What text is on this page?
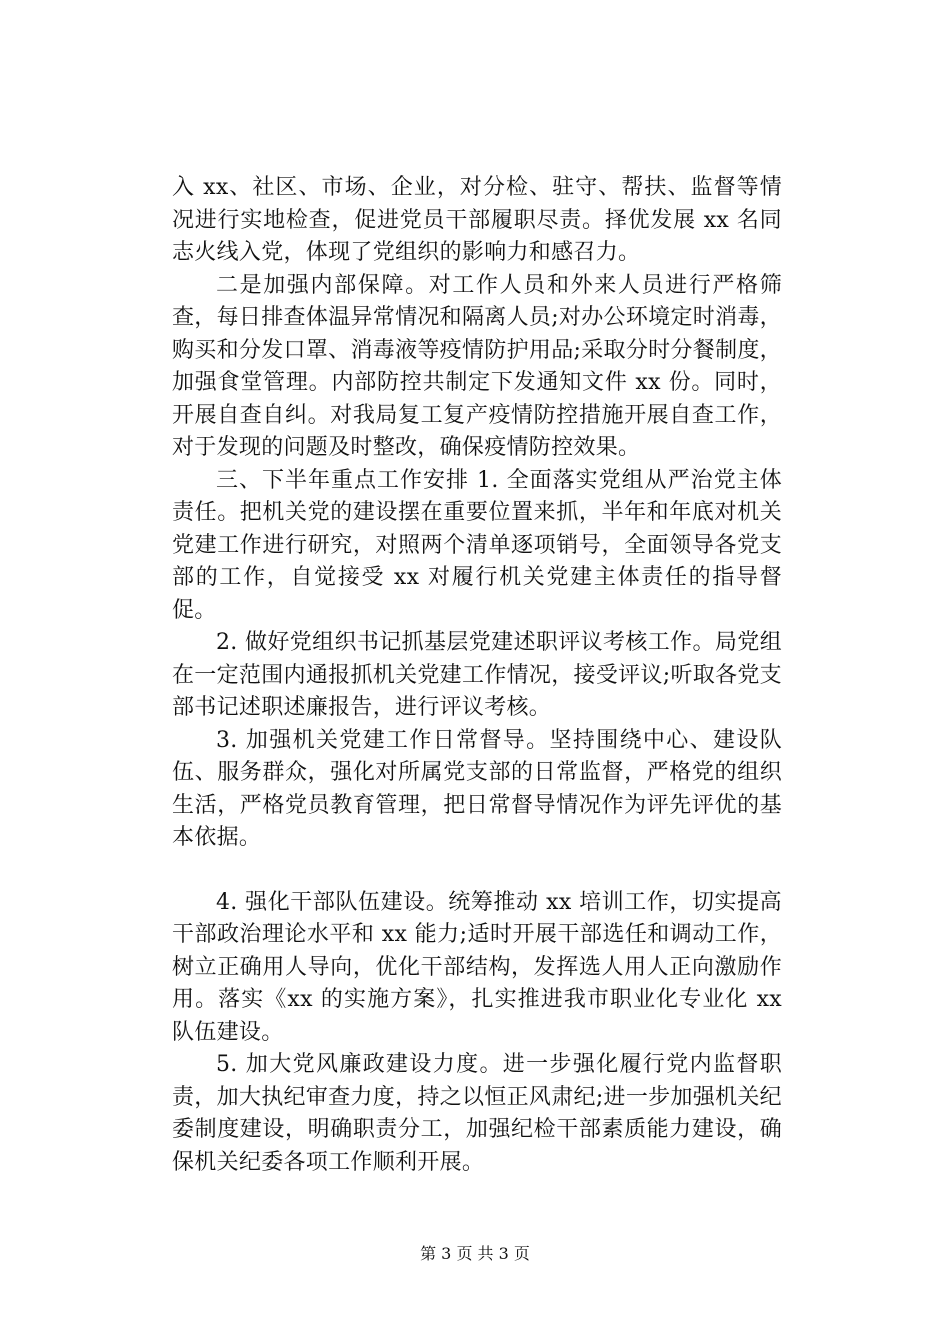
入 xx、社区、市场、企业，对分检、驻守、帮扶、监督等情况进行实地检查，促进党员干部履职尽责。择优发展 xx 名同志火线入党，体现了党组织的影响力和感召力。

二是加强内部保障。对工作人员和外来人员进行严格筛查，每日排查体温异常情况和隔离人员;对办公环境定时消毒，购买和分发口罩、消毒液等疫情防护用品;采取分时分餐制度，加强食堂管理。内部防控共制定下发通知文件 xx 份。同时，开展自查自纠。对我局复工复产疫情防控措施开展自查工作，对于发现的问题及时整改，确保疫情防控效果。

三、下半年重点工作安排 1. 全面落实党组从严治党主体责任。把机关党的建设摆在重要位置来抓，半年和年底对机关党建工作进行研究，对照两个清单逐项销号，全面领导各党支部的工作，自觉接受 xx 对履行机关党建主体责任的指导督促。

2. 做好党组织书记抓基层党建述职评议考核工作。局党组在一定范围内通报抓机关党建工作情况，接受评议;听取各党支部书记述职述廉报告，进行评议考核。

3. 加强机关党建工作日常督导。坚持围绕中心、建设队伍、服务群众，强化对所属党支部的日常监督，严格党的组织生活，严格党员教育管理，把日常督导情况作为评先评优的基本依据。

4. 强化干部队伍建设。统筹推动 xx 培训工作，切实提高干部政治理论水平和 xx 能力;适时开展干部选任和调动工作，树立正确用人导向，优化干部结构，发挥选人用人正向激励作用。落实《xx 的实施方案》，扎实推进我市职业化专业化 xx 队伍建设。

5. 加大党风廉政建设力度。进一步强化履行党内监督职责，加大执纪审查力度，持之以恒正风肃纪;进一步加强机关纪委制度建设，明确职责分工，加强纪检干部素质能力建设，确保机关纪委各项工作顺利开展。

第 3 页 共 3 页
